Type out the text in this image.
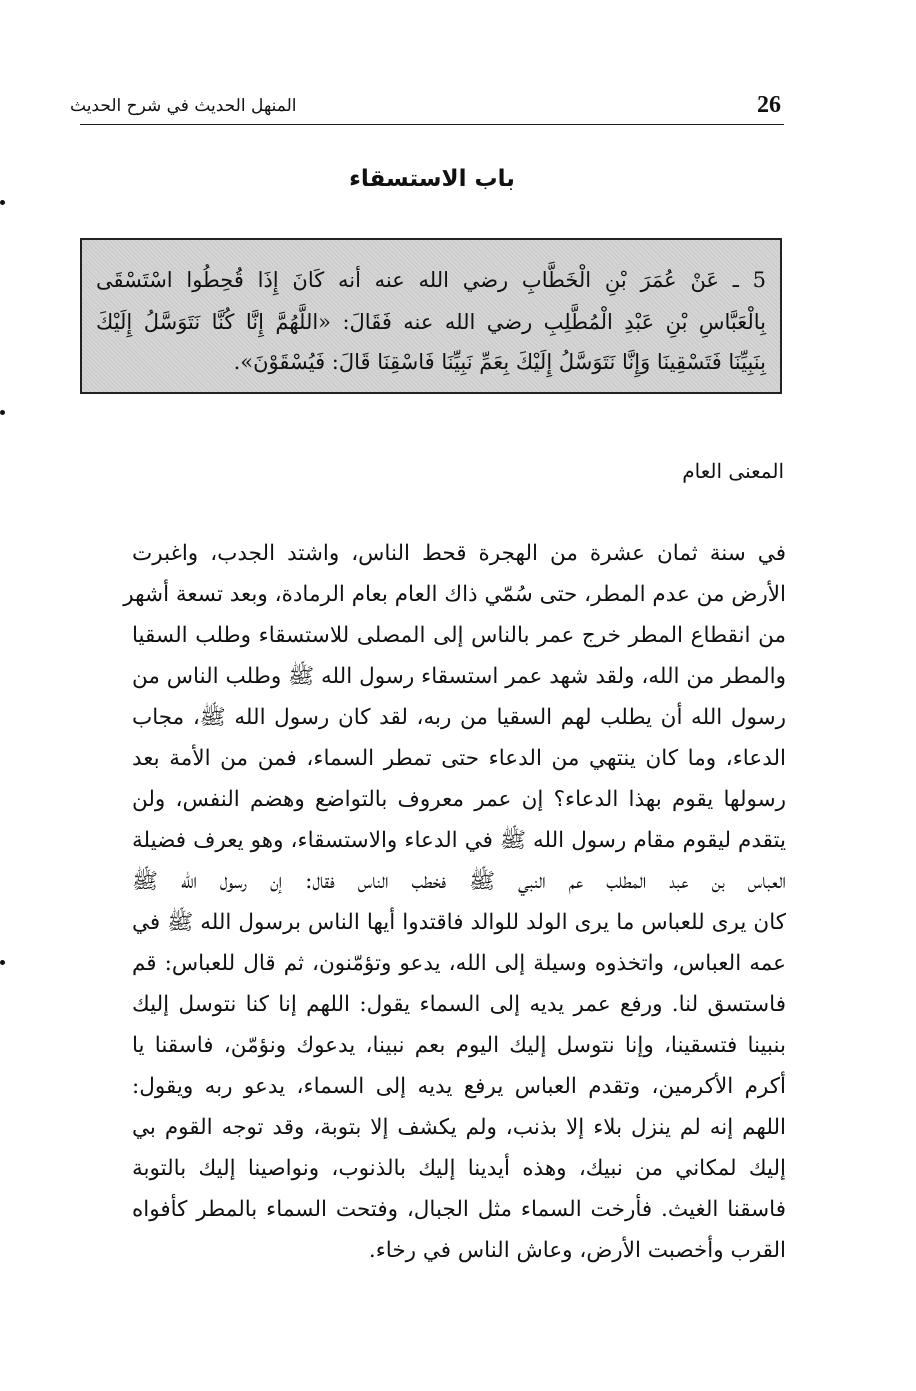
26
المنهل الحديث في شرح الحديث
باب الاستسقاء
5 ـ عَنْ عُمَرَ بْنِ الْخَطَّابِ رضي الله عنه أنه كَانَ إِذَا قُحِطُوا اسْتَسْقَى
بِالْعَبَّاسِ بْنِ عَبْدِ الْمُطَّلِبِ رضي الله عنه فَقَالَ: «اللَّهُمَّ إِنَّا كُنَّا نَتَوَسَّلُ إِلَيْكَ
بِنَبِيِّنَا فَتَسْقِينَا وَإِنَّا نَتَوَسَّلُ إِلَيْكَ بِعَمِّ نَبِيِّنَا فَاسْقِنَا قَالَ: فَيُسْقَوْنَ».
المعنى العام
في سنة ثمان عشرة من الهجرة قحط الناس، واشتد الجدب، واغبرت
الأرض من عدم المطر، حتى سُمّي ذاك العام بعام الرمادة، وبعد تسعة أشهر
من انقطاع المطر خرج عمر بالناس إلى المصلى للاستسقاء وطلب السقيا
والمطر من الله، ولقد شهد عمر استسقاء رسول الله ﷺ وطلب الناس من
رسول الله أن يطلب لهم السقيا من ربه، لقد كان رسول الله ﷺ، مجاب
الدعاء، وما كان ينتهي من الدعاء حتى تمطر السماء، فمن من الأمة بعد
رسولها يقوم بهذا الدعاء؟ إن عمر معروف بالتواضع وهضم النفس، ولن
يتقدم ليقوم مقام رسول الله ﷺ في الدعاء والاستسقاء، وهو يعرف فضيلة
العباس بن عبد المطلب عم النبي ﷺ فخطب الناس فقال: إن رسول الله ﷺ
كان يرى للعباس ما يرى الولد للوالد فاقتدوا أيها الناس برسول الله ﷺ في
عمه العباس، واتخذوه وسيلة إلى الله، يدعو وتؤمّنون، ثم قال للعباس: قم
فاستسق لنا. ورفع عمر يديه إلى السماء يقول: اللهم إنا كنا نتوسل إليك
بنبينا فتسقينا، وإنا نتوسل إليك اليوم بعم نبينا، يدعوك ونؤمّن، فاسقنا يا
أكرم الأكرمين، وتقدم العباس يرفع يديه إلى السماء، يدعو ربه ويقول:
اللهم إنه لم ينزل بلاء إلا بذنب، ولم يكشف إلا بتوبة، وقد توجه القوم بي
إليك لمكاني من نبيك، وهذه أيدينا إليك بالذنوب، ونواصينا إليك بالتوبة
فاسقنا الغيث. فأرخت السماء مثل الجبال، وفتحت السماء بالمطر كأفواه
القرب وأخصبت الأرض، وعاش الناس في رخاء.
